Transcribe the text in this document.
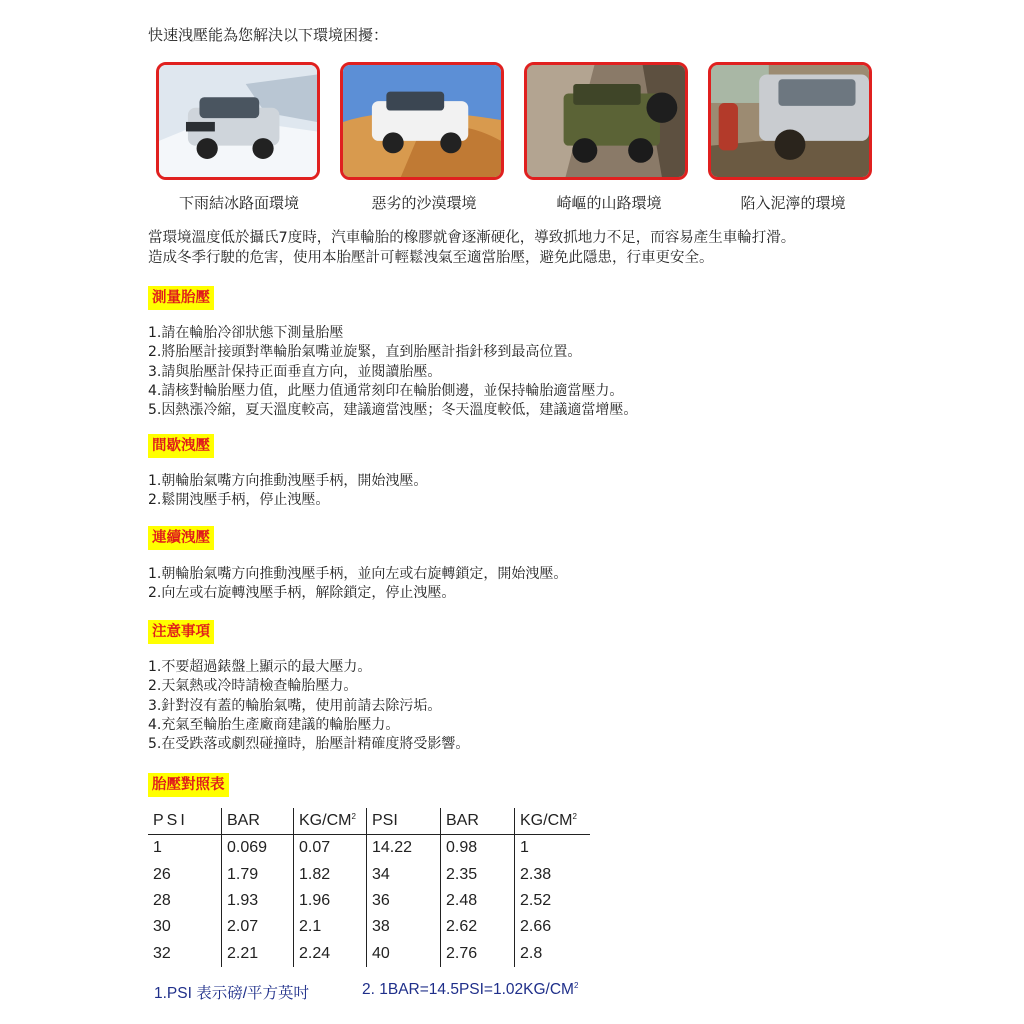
快速洩壓能為您解決以下環境困擾：
下雨結冰路面環境	惡劣的沙漠環境	崎嶇的山路環境	陷入泥濘的環境
當環境溫度低於攝氏7度時，汽車輪胎的橡膠就會逐漸硬化，導致抓地力不足，而容易產生車輪打滑。
造成冬季行駛的危害，使用本胎壓計可輕鬆洩氣至適當胎壓，避免此隱患，行車更安全。
測量胎壓
1.請在輪胎冷卻狀態下測量胎壓
2.將胎壓計接頭對準輪胎氣嘴並旋緊，直到胎壓計指針移到最高位置。
3.請與胎壓計保持正面垂直方向，並閱讀胎壓。
4.請核對輪胎壓力值，此壓力值通常刻印在輪胎側邊，並保持輪胎適當壓力。
5.因熱漲冷縮，夏天溫度較高，建議適當洩壓；冬天溫度較低，建議適當增壓。
間歇洩壓
1.朝輪胎氣嘴方向推動洩壓手柄，開始洩壓。
2.鬆開洩壓手柄，停止洩壓。
連續洩壓
1.朝輪胎氣嘴方向推動洩壓手柄，並向左或右旋轉鎖定，開始洩壓。
2.向左或右旋轉洩壓手柄，解除鎖定，停止洩壓。
注意事項
1.不要超過錶盤上顯示的最大壓力。
2.天氣熱或冷時請檢查輪胎壓力。
3.針對沒有蓋的輪胎氣嘴，使用前請去除污垢。
4.充氣至輪胎生產廠商建議的輪胎壓力。
5.在受跌落或劇烈碰撞時，胎壓計精確度將受影響。
胎壓對照表
PSI	BAR	$KG/CM^2$	PSI	BAR	$KG/CM^2$
1	0.069	0.07	14.22	0.98	1
26	1.79	1.82	34	2.35	2.38
28	1.93	1.96	36	2.48	2.52
30	2.07	2.1	38	2.62	2.66
32	2.21	2.24	40	2.76	2.8
1.PSI 表示磅/平方英吋	2. $1BAR=14.5PSI=1.02KG/CM^2$
